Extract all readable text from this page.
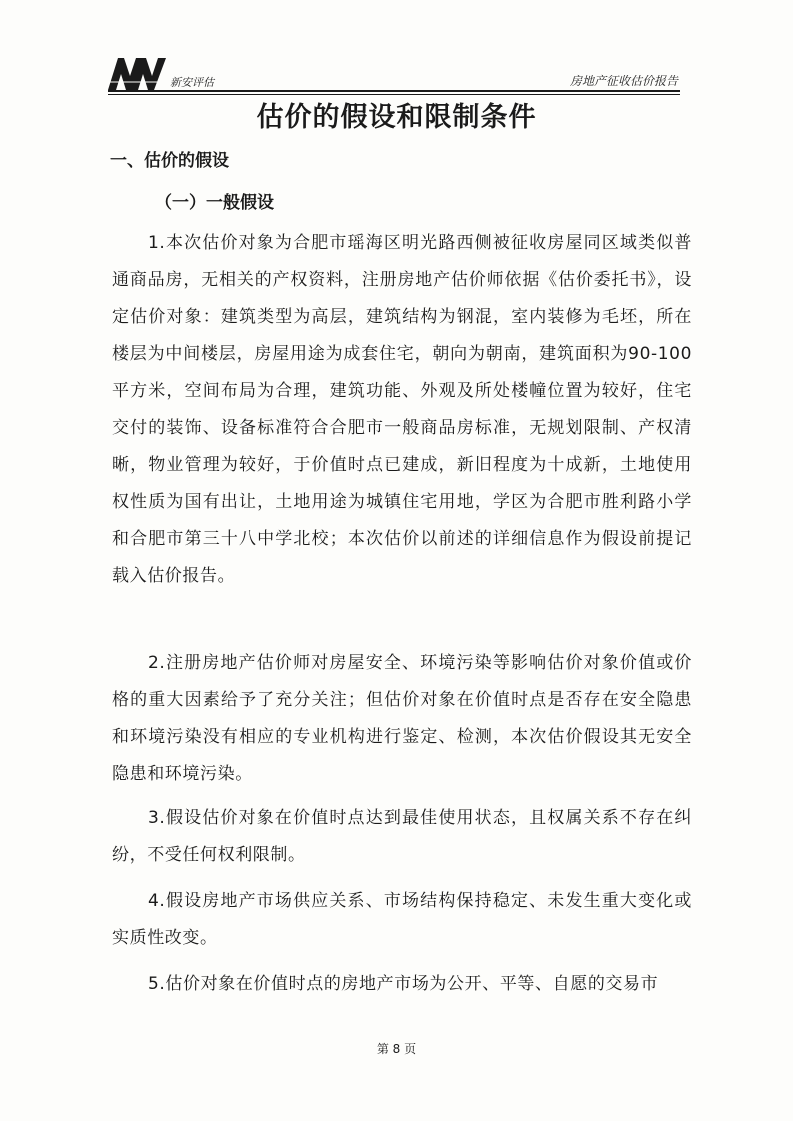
新安评估	房地产征收估价报告
估价的假设和限制条件
一、估价的假设
（一）一般假设
1.本次估价对象为合肥市瑶海区明光路西侧被征收房屋同区域类似普通商品房，无相关的产权资料，注册房地产估价师依据《估价委托书》，设定估价对象：建筑类型为高层，建筑结构为钢混，室内装修为毛坯，所在楼层为中间楼层，房屋用途为成套住宅，朝向为朝南，建筑面积为90-100平方米，空间布局为合理，建筑功能、外观及所处楼幢位置为较好，住宅交付的装饰、设备标准符合合肥市一般商品房标准，无规划限制、产权清晰，物业管理为较好，于价值时点已建成，新旧程度为十成新，土地使用权性质为国有出让，土地用途为城镇住宅用地，学区为合肥市胜利路小学和合肥市第三十八中学北校；本次估价以前述的详细信息作为假设前提记载入估价报告。
2.注册房地产估价师对房屋安全、环境污染等影响估价对象价值或价格的重大因素给予了充分关注；但估价对象在价值时点是否存在安全隐患和环境污染没有相应的专业机构进行鉴定、检测，本次估价假设其无安全隐患和环境污染。
3.假设估价对象在价值时点达到最佳使用状态，且权属关系不存在纠纷，不受任何权利限制。
4.假设房地产市场供应关系、市场结构保持稳定、未发生重大变化或实质性改变。
5.估价对象在价值时点的房地产市场为公开、平等、自愿的交易市
第 8 页
